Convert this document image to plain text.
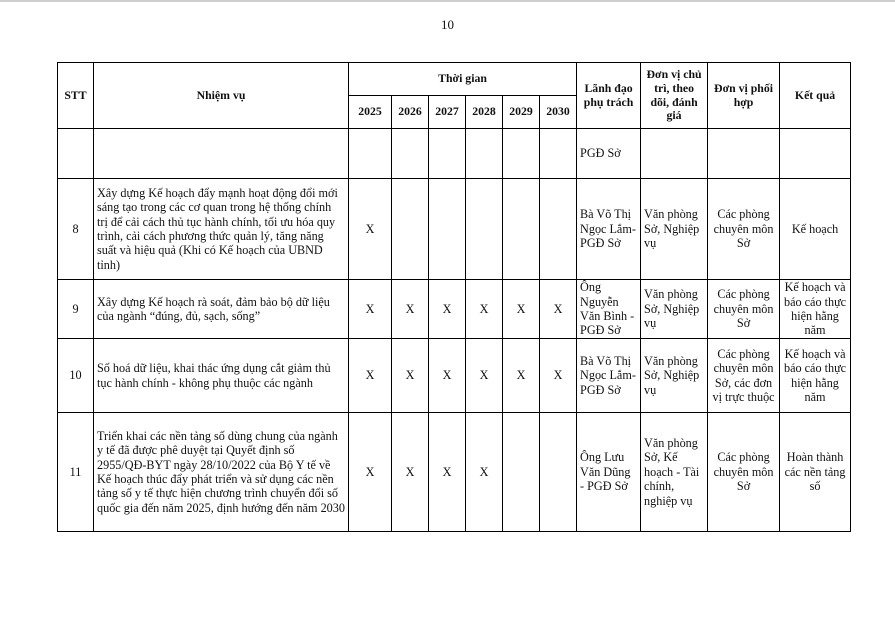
10
STT	Nhiệm vụ	Thời gian						Lãnh đạo phụ trách	Đơn vị chủ trì, theo dõi, đánh giá	Đơn vị phối hợp	Kết quả
		2025	2026	2027	2028	2029	2030				
								PGĐ Sở			
8	Xây dựng Kế hoạch đẩy mạnh hoạt động đổi mới sáng tạo trong các cơ quan trong hệ thống chính trị để cải cách thủ tục hành chính, tối ưu hóa quy trình, cải cách phương thức quản lý, tăng năng suất và hiệu quả (Khi có Kế hoạch của UBND tỉnh)	X						Bà Võ Thị Ngọc Lắm-PGĐ Sở	Văn phòng Sở, Nghiệp vụ	Các phòng chuyên môn Sở	Kế hoạch
9	Xây dựng Kế hoạch rà soát, đảm bảo bộ dữ liệu của ngành “đúng, đủ, sạch, sống”	X	X	X	X	X	X	Ông Nguyễn Văn Bình - PGĐ Sở	Văn phòng Sở, Nghiệp vụ	Các phòng chuyên môn Sở	Kế hoạch và báo cáo thực hiện hằng năm
10	Số hoá dữ liệu, khai thác ứng dụng cắt giảm thủ tục hành chính - không phụ thuộc các ngành	X	X	X	X	X	X	Bà Võ Thị Ngọc Lắm-PGĐ Sở	Văn phòng Sở, Nghiệp vụ	Các phòng chuyên môn Sở, các đơn vị trực thuộc	Kế hoạch và báo cáo thực hiện hằng năm
11	Triển khai các nền tảng số dùng chung của ngành y tế đã được phê duyệt tại Quyết định số 2955/QĐ-BYT ngày 28/10/2022 của Bộ Y tế về Kế hoạch thúc đẩy phát triển và sử dụng các nền tảng số y tế thực hiện chương trình chuyển đổi số quốc gia đến năm 2025, định hướng đến năm 2030	X	X	X	X			Ông Lưu Văn Dũng - PGĐ Sở	Văn phòng Sở, Kế hoạch - Tài chính, nghiệp vụ	Các phòng chuyên môn Sở	Hoàn thành các nền tảng số
